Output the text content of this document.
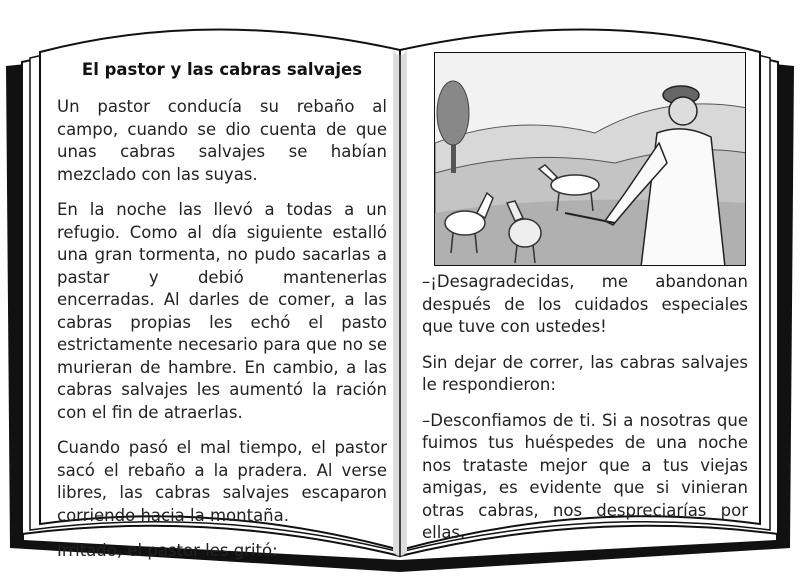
El pastor y las cabras salvajes

Un pastor conducía su rebaño al campo, cuando se dio cuenta de que unas cabras salvajes se habían mezclado con las suyas.

En la noche las llevó a todas a un refugio. Como al día siguiente estalló una gran tormenta, no pudo sacarlas a pastar y debió mantenerlas encerradas. Al darles de comer, a las cabras propias les echó el pasto estrictamente necesario para que no se murieran de hambre. En cambio, a las cabras salvajes les aumentó la ración con el fin de atraerlas.

Cuando pasó el mal tiempo, el pastor sacó el rebaño a la pradera. Al verse libres, las cabras salvajes escaparon corriendo hacia la montaña.

Irritado, el pastor les gritó:

–¡Desagradecidas, me abandonan después de los cuidados especiales que tuve con ustedes!

Sin dejar de correr, las cabras salvajes le respondieron:

–Desconfiamos de ti. Si a nosotras que fuimos tus huéspedes de una noche nos trataste mejor que a tus viejas amigas, es evidente que si vinieran otras cabras, nos despreciarías por ellas.
